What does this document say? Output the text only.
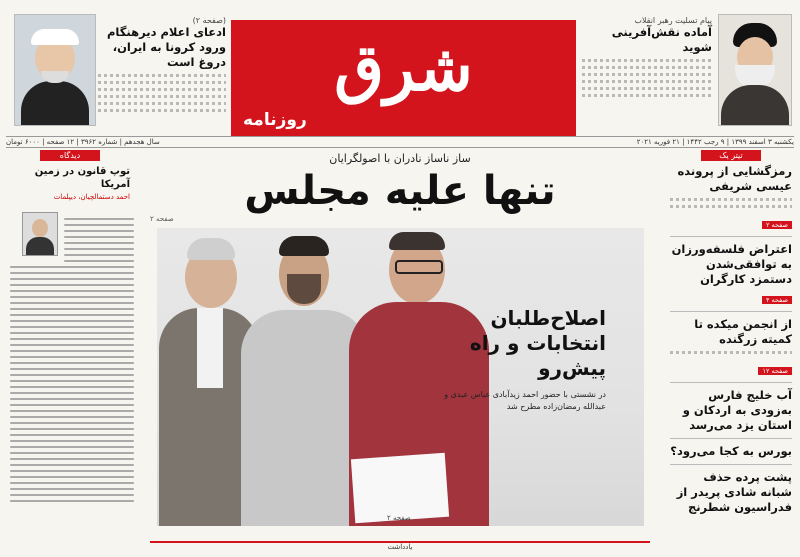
(صفحه ۲)
ادعای اعلام دیرهنگام ورود کرونا به ایران، دروغ است	شرق
روزنامه
پیام تسلیت رهبر انقلاب
آماده نقش‌آفرینی شوید
سال هجدهم | شماره ۳۹۶۲ | ۱۲ صفحه | ۶۰۰۰ تومان	یکشنبه ۳ اسفند ۱۳۹۹ | ۹ رجب ۱۴۴۲ | ۲۱ فوریه ۲۰۲۱
دیدگاه
توپ قانون در زمین آمریکا
احمد دستمالچیان، دیپلمات
ساز ناساز نادران با اصولگرایان
تنها علیه مجلس
صفحه ۲
اصلاح‌طلبان انتخابات و راه پیش‌رو
در نشستی با حضور احمد زیدآبادی عباس عبدی و عبدالله رمضان‌زاده مطرح شد
صفحه ۲
یادداشت
تیتر یک
رمزگشایی از پرونده عیسی شریفی
صفحه ۲
اعتراض فلسفه‌ورزان به توافقی‌شدن دستمزد کارگران
صفحه ۴
از انجمن میکده تا کمیته زرگنده
صفحه ۱۲
آب خلیج فارس به‌زودی به اردکان و استان یزد می‌رسد
بورس به کجا می‌رود؟
پشت پرده حذف شبانه شادی پریدر از فدراسیون شطرنج
